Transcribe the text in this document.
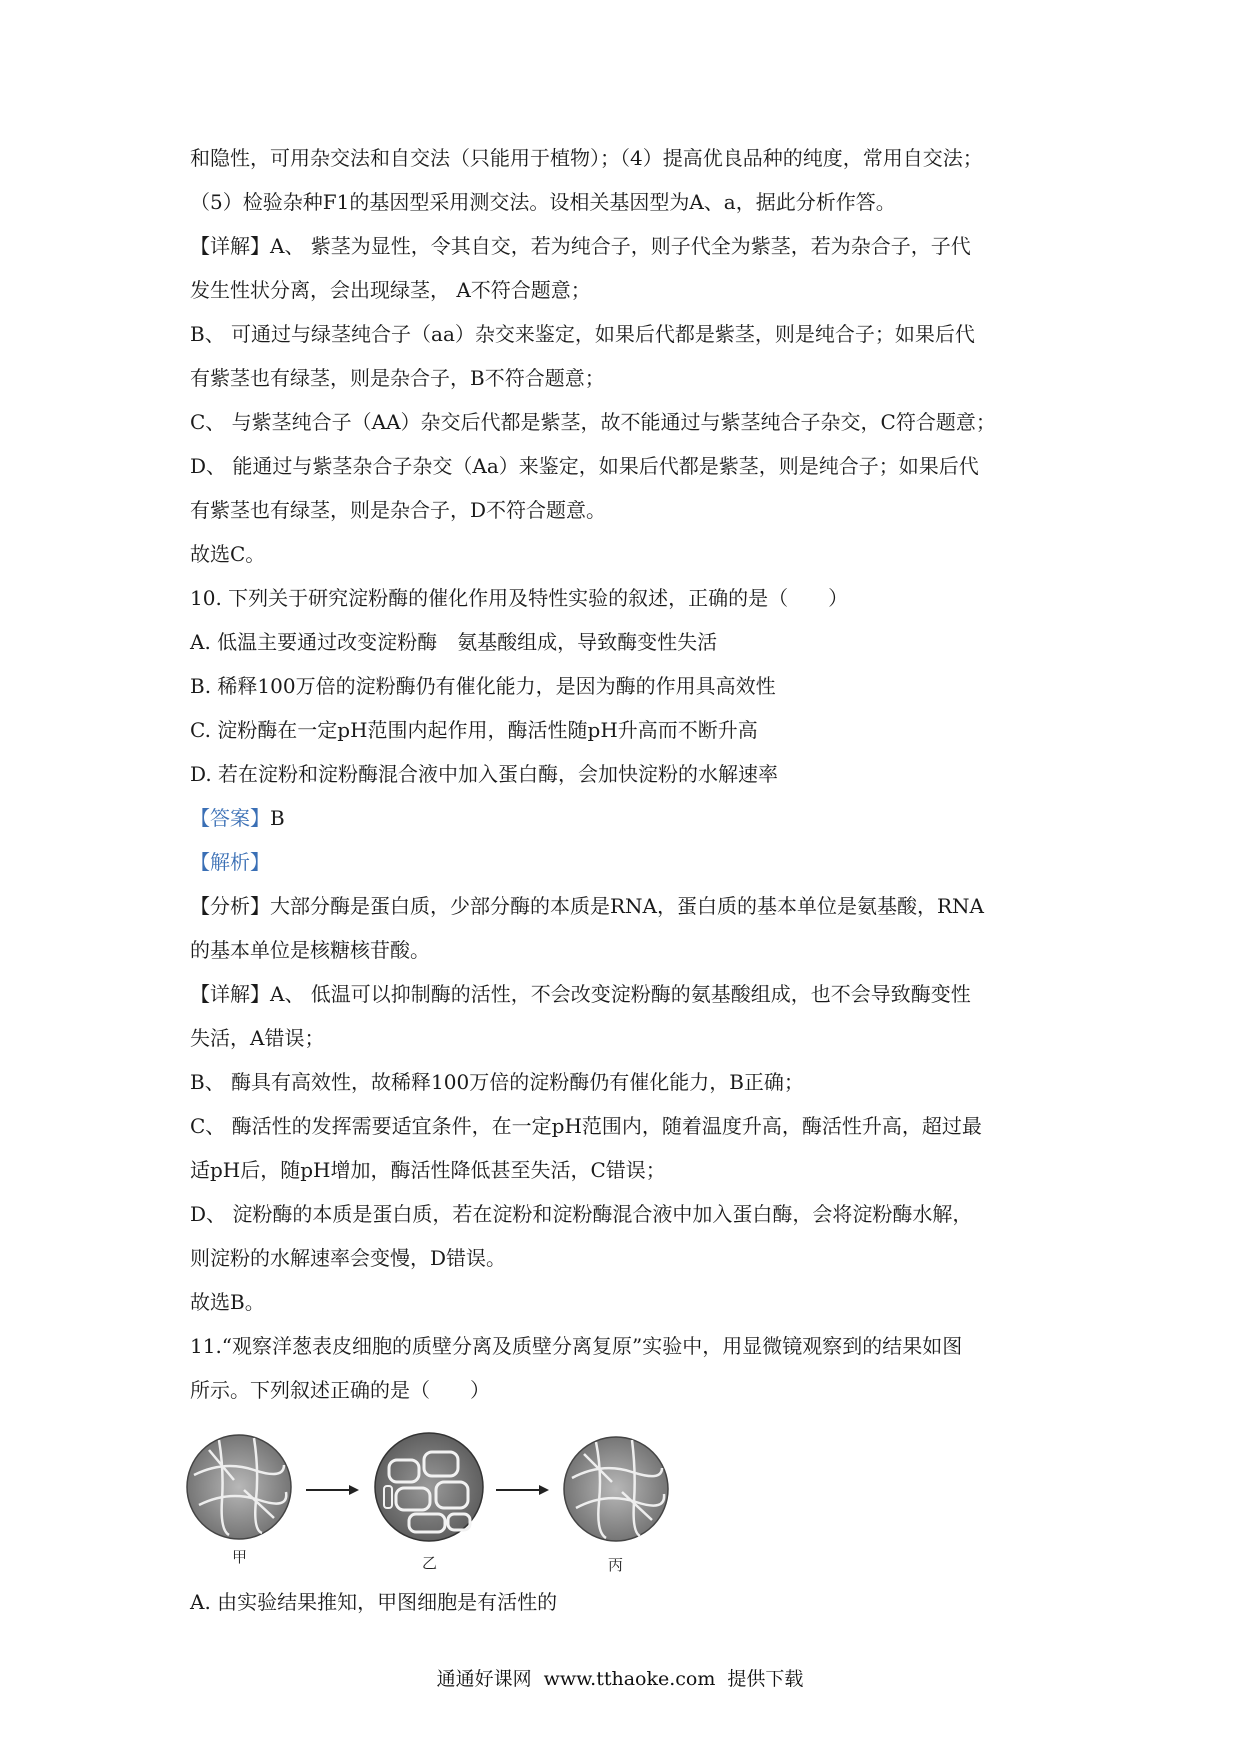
和隐性，可用杂交法和自交法（只能用于植物）；（4）提高优良品种的纯度，常用自交法；

（5）检验杂种F1的基因型采用测交法。设相关基因型为A、a，据此分析作答。

【详解】A、 紫茎为显性，令其自交，若为纯合子，则子代全为紫茎，若为杂合子，子代

发生性状分离，会出现绿茎， A不符合题意；

B、 可通过与绿茎纯合子（aa）杂交来鉴定，如果后代都是紫茎，则是纯合子；如果后代

有紫茎也有绿茎，则是杂合子，B不符合题意；

C、 与紫茎纯合子（AA）杂交后代都是紫茎，故不能通过与紫茎纯合子杂交，C符合题意；

D、 能通过与紫茎杂合子杂交（Aa）来鉴定，如果后代都是紫茎，则是纯合子；如果后代

有紫茎也有绿茎，则是杂合子，D不符合题意。

故选C。

10. 下列关于研究淀粉酶的催化作用及特性实验的叙述，正确的是（　　）

A. 低温主要通过改变淀粉酶　氨基酸组成，导致酶变性失活

B. 稀释100万倍的淀粉酶仍有催化能力，是因为酶的作用具高效性

C. 淀粉酶在一定pH范围内起作用，酶活性随pH升高而不断升高

D. 若在淀粉和淀粉酶混合液中加入蛋白酶，会加快淀粉的水解速率

【答案】B

【解析】

【分析】大部分酶是蛋白质，少部分酶的本质是RNA，蛋白质的基本单位是氨基酸，RNA

的基本单位是核糖核苷酸。

【详解】A、 低温可以抑制酶的活性，不会改变淀粉酶的氨基酸组成，也不会导致酶变性

失活，A错误；

B、 酶具有高效性，故稀释100万倍的淀粉酶仍有催化能力，B正确；

C、 酶活性的发挥需要适宜条件，在一定pH范围内，随着温度升高，酶活性升高，超过最

适pH后，随pH增加，酶活性降低甚至失活，C错误；

D、 淀粉酶的本质是蛋白质，若在淀粉和淀粉酶混合液中加入蛋白酶，会将淀粉酶水解，

则淀粉的水解速率会变慢，D错误。

故选B。

11.“观察洋葱表皮细胞的质壁分离及质壁分离复原”实验中，用显微镜观察到的结果如图

所示。下列叙述正确的是（　　）

甲	乙	丙

A. 由实验结果推知，甲图细胞是有活性的

通通好课网 www.tthaoke.com 提供下载
